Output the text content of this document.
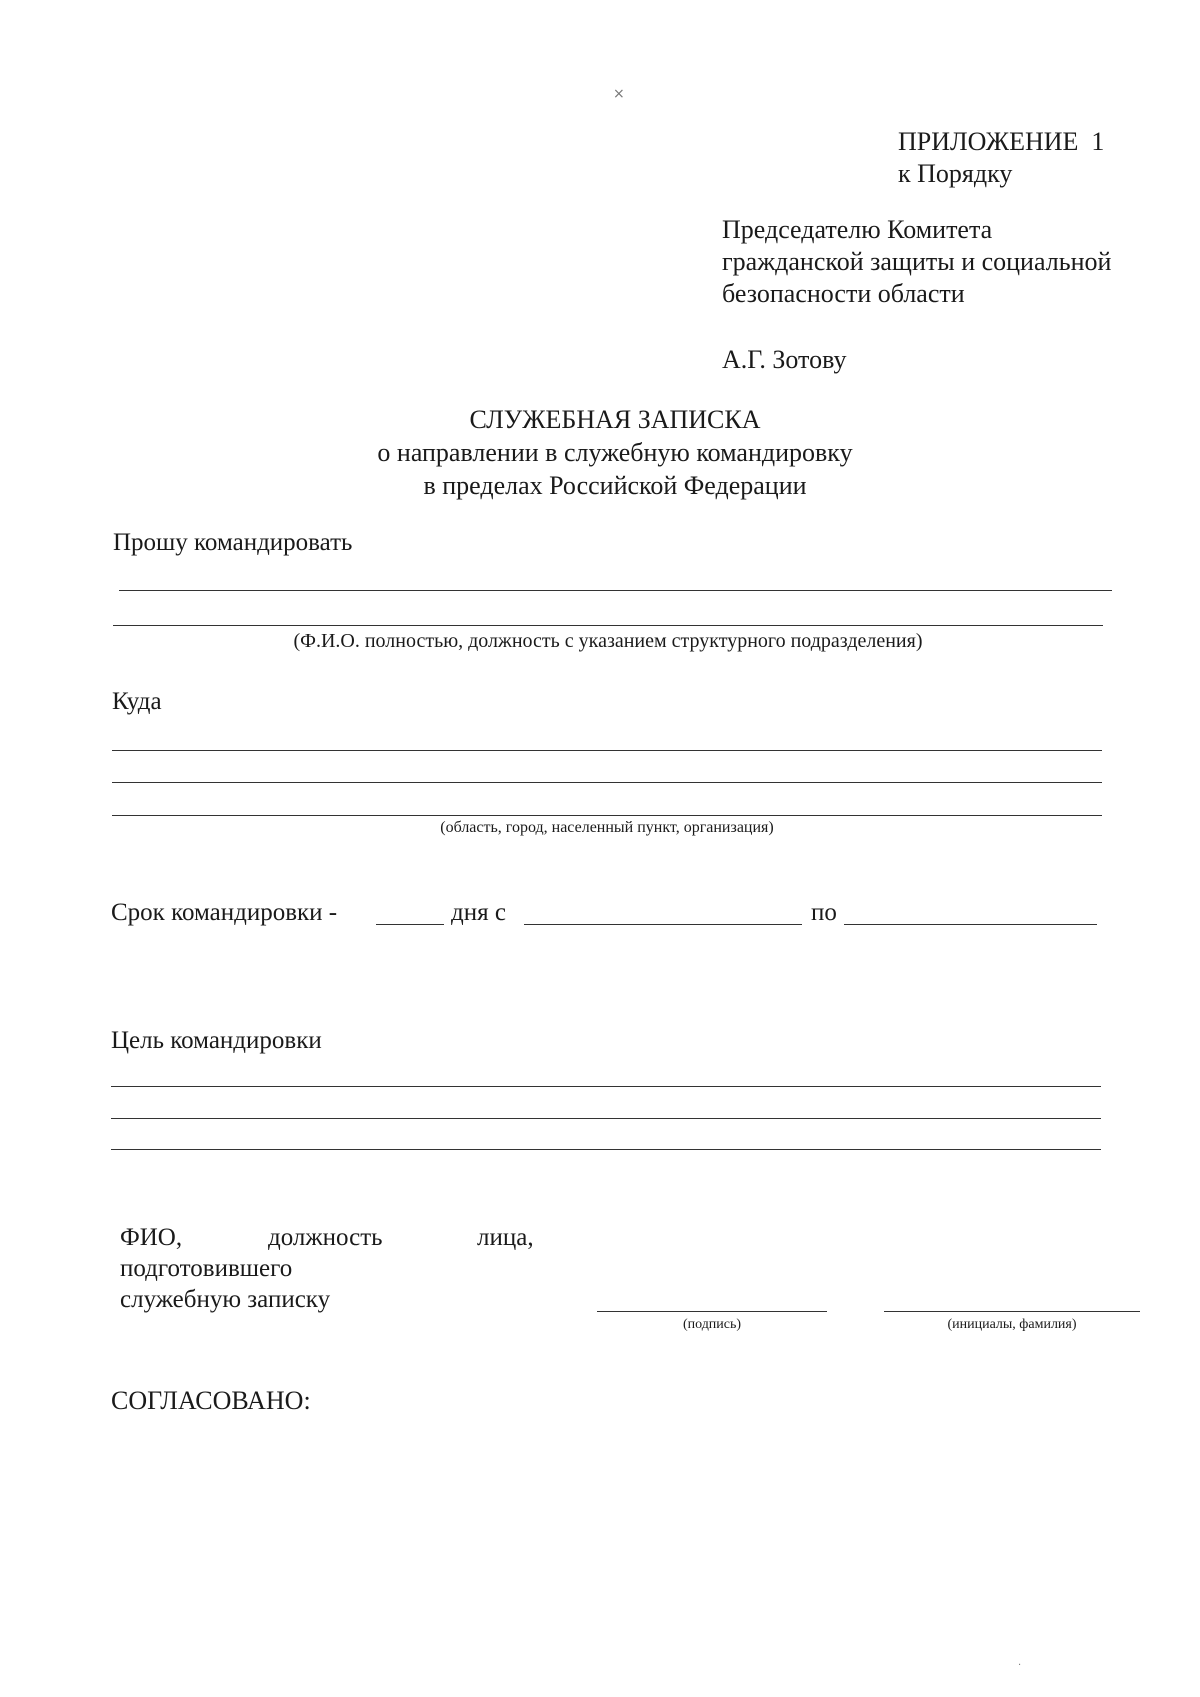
×
·
ПРИЛОЖЕНИЕ  1
к Порядку
Председателю Комитета
гражданской защиты и социальной
безопасности области
А.Г. Зотову
СЛУЖЕБНАЯ ЗАПИСКА
о направлении в служебную командировку
в пределах Российской Федерации
Прошу командировать
(Ф.И.О. полностью, должность с указанием структурного подразделения)
Куда
(область, город, населенный пункт, организация)
Срок командировки -	дня с	по
Цель командировки
ФИО,	должность	лица,
подготовившего
служебную записку
(подпись)	(инициалы, фамилия)
СОГЛАСОВАНО:
